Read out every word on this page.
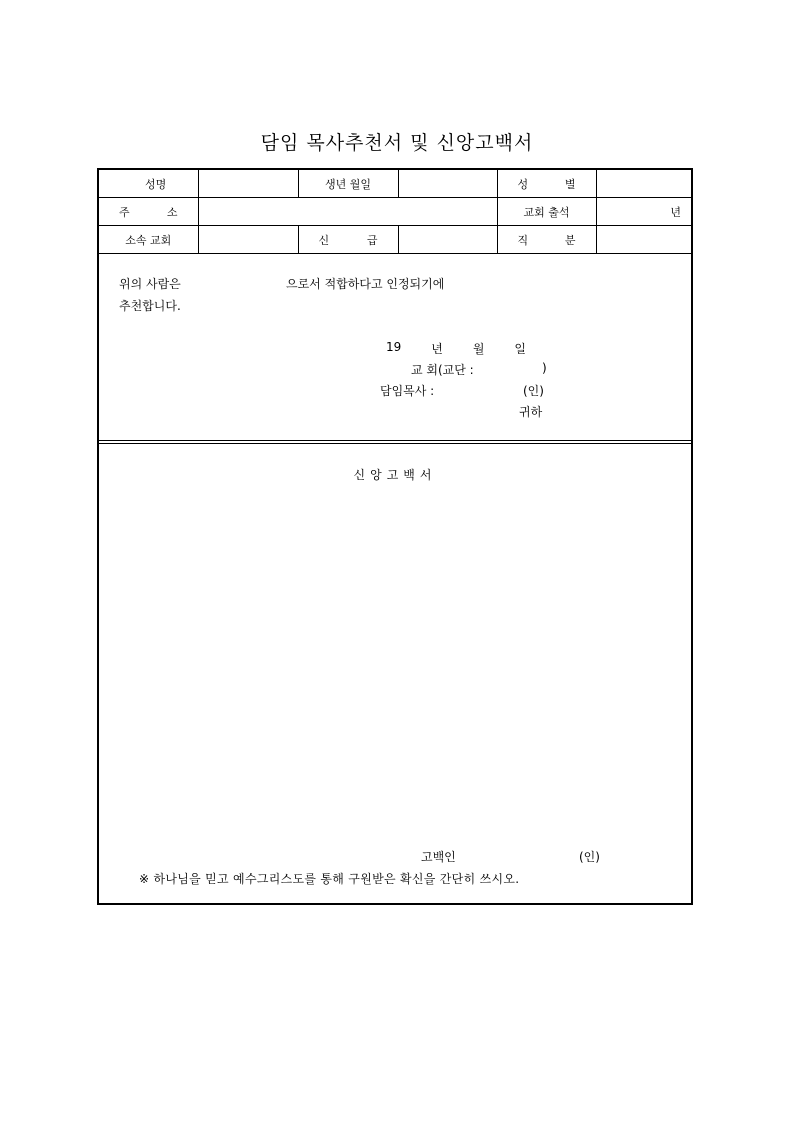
담임 목사추천서 및 신앙고백서
성 명		생년 월일		성 별	

주 소				교회 출석	년
소속 교회		신 급		직 분	

위의 사람은	으로서 적합하다고 인정되기에
추천합니다.
19 년 월 일
교 회(교단 :	)
담임목사 :	(인)
귀하
신앙고백서
고백인	(인)
※ 하나님을 믿고 예수그리스도를 통해 구원받은 확신을 간단히 쓰시오.
